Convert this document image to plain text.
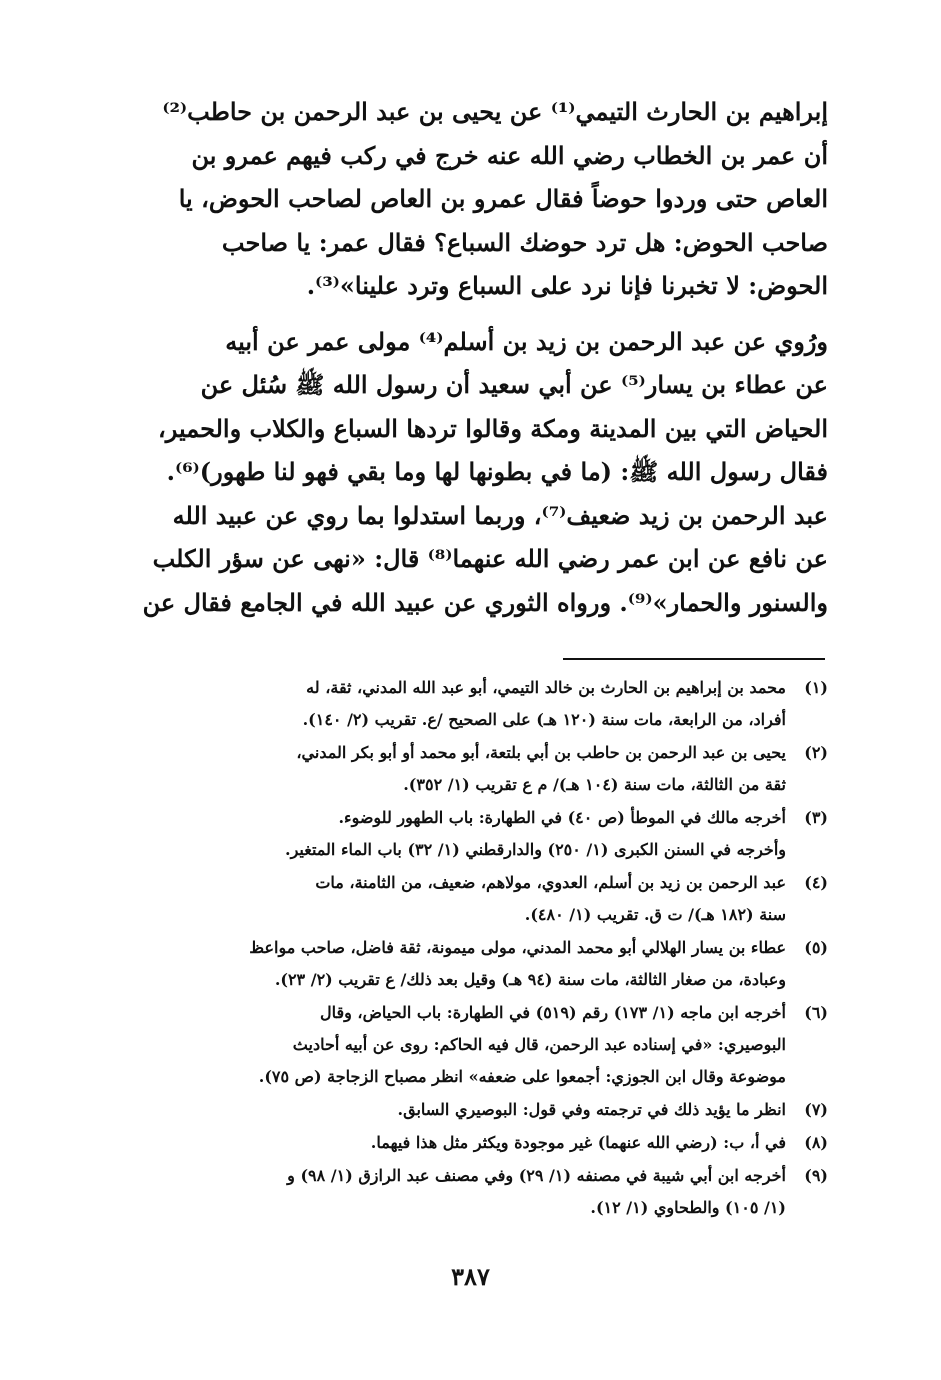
إبراهيم بن الحارث التيمي⁽¹⁾ عن يحيى بن عبد الرحمن بن حاطب⁽²⁾
أن عمر بن الخطاب رضي الله عنه خرج في ركب فيهم عمرو بن
العاص حتى وردوا حوضاً فقال عمرو بن العاص لصاحب الحوض، يا
صاحب الحوض: هل ترد حوضك السباع؟ فقال عمر: يا صاحب
الحوض: لا تخبرنا فإنا نرد على السباع وترد علينا»⁽³⁾.
ورُوي عن عبد الرحمن بن زيد بن أسلم⁽⁴⁾ مولى عمر عن أبيه
عن عطاء بن يسار⁽⁵⁾ عن أبي سعيد أن رسول الله ﷺ سُئل عن
الحياض التي بين المدينة ومكة وقالوا تردها السباع والكلاب والحمير،
فقال رسول الله ﷺ: (ما في بطونها لها وما بقي فهو لنا طهور)⁽⁶⁾.
عبد الرحمن بن زيد ضعيف⁽⁷⁾، وربما استدلوا بما روي عن عبيد الله
عن نافع عن ابن عمر رضي الله عنهما⁽⁸⁾ قال: «نهى عن سؤر الكلب
والسنور والحمار»⁽⁹⁾. ورواه الثوري عن عبيد الله في الجامع فقال عن
(١)
محمد بن إبراهيم بن الحارث بن خالد التيمي، أبو عبد الله المدني، ثقة، له
أفراد، من الرابعة، مات سنة (١٢٠ هـ) على الصحيح /ع. تقريب (٢/ ١٤٠).
(٢)
يحيى بن عبد الرحمن بن حاطب بن أبي بلتعة، أبو محمد أو أبو بكر المدني،
ثقة من الثالثة، مات سنة (١٠٤ هـ)/ م ع تقريب (١/ ٣٥٢).
(٣)
أخرجه مالك في الموطأ (ص ٤٠) في الطهارة: باب الطهور للوضوء.
وأخرجه في السنن الكبرى (١/ ٢٥٠) والدارقطني (١/ ٣٢) باب الماء المتغير.
(٤)
عبد الرحمن بن زيد بن أسلم، العدوي، مولاهم، ضعيف، من الثامنة، مات
سنة (١٨٢ هـ)/ ت ق. تقريب (١/ ٤٨٠).
(٥)
عطاء بن يسار الهلالي أبو محمد المدني، مولى ميمونة، ثقة فاضل، صاحب مواعظ
وعبادة، من صغار الثالثة، مات سنة (٩٤ هـ) وقيل بعد ذلك/ ع تقريب (٢/ ٢٣).
(٦)
أخرجه ابن ماجه (١/ ١٧٣) رقم (٥١٩) في الطهارة: باب الحياض، وقال
البوصيري: «في إسناده عبد الرحمن، قال فيه الحاكم: روى عن أبيه أحاديث
موضوعة وقال ابن الجوزي: أجمعوا على ضعفه» انظر مصباح الزجاجة (ص ٧٥).
(٧)
انظر ما يؤيد ذلك في ترجمته وفي قول: البوصيري السابق.
(٨)
في أ، ب: (رضي الله عنهما) غير موجودة ويكثر مثل هذا فيهما.
(٩)
أخرجه ابن أبي شيبة في مصنفه (١/ ٢٩) وفي مصنف عبد الرازق (١/ ٩٨) و
(١/ ١٠٥) والطحاوي (١/ ١٢).
٣٨٧
